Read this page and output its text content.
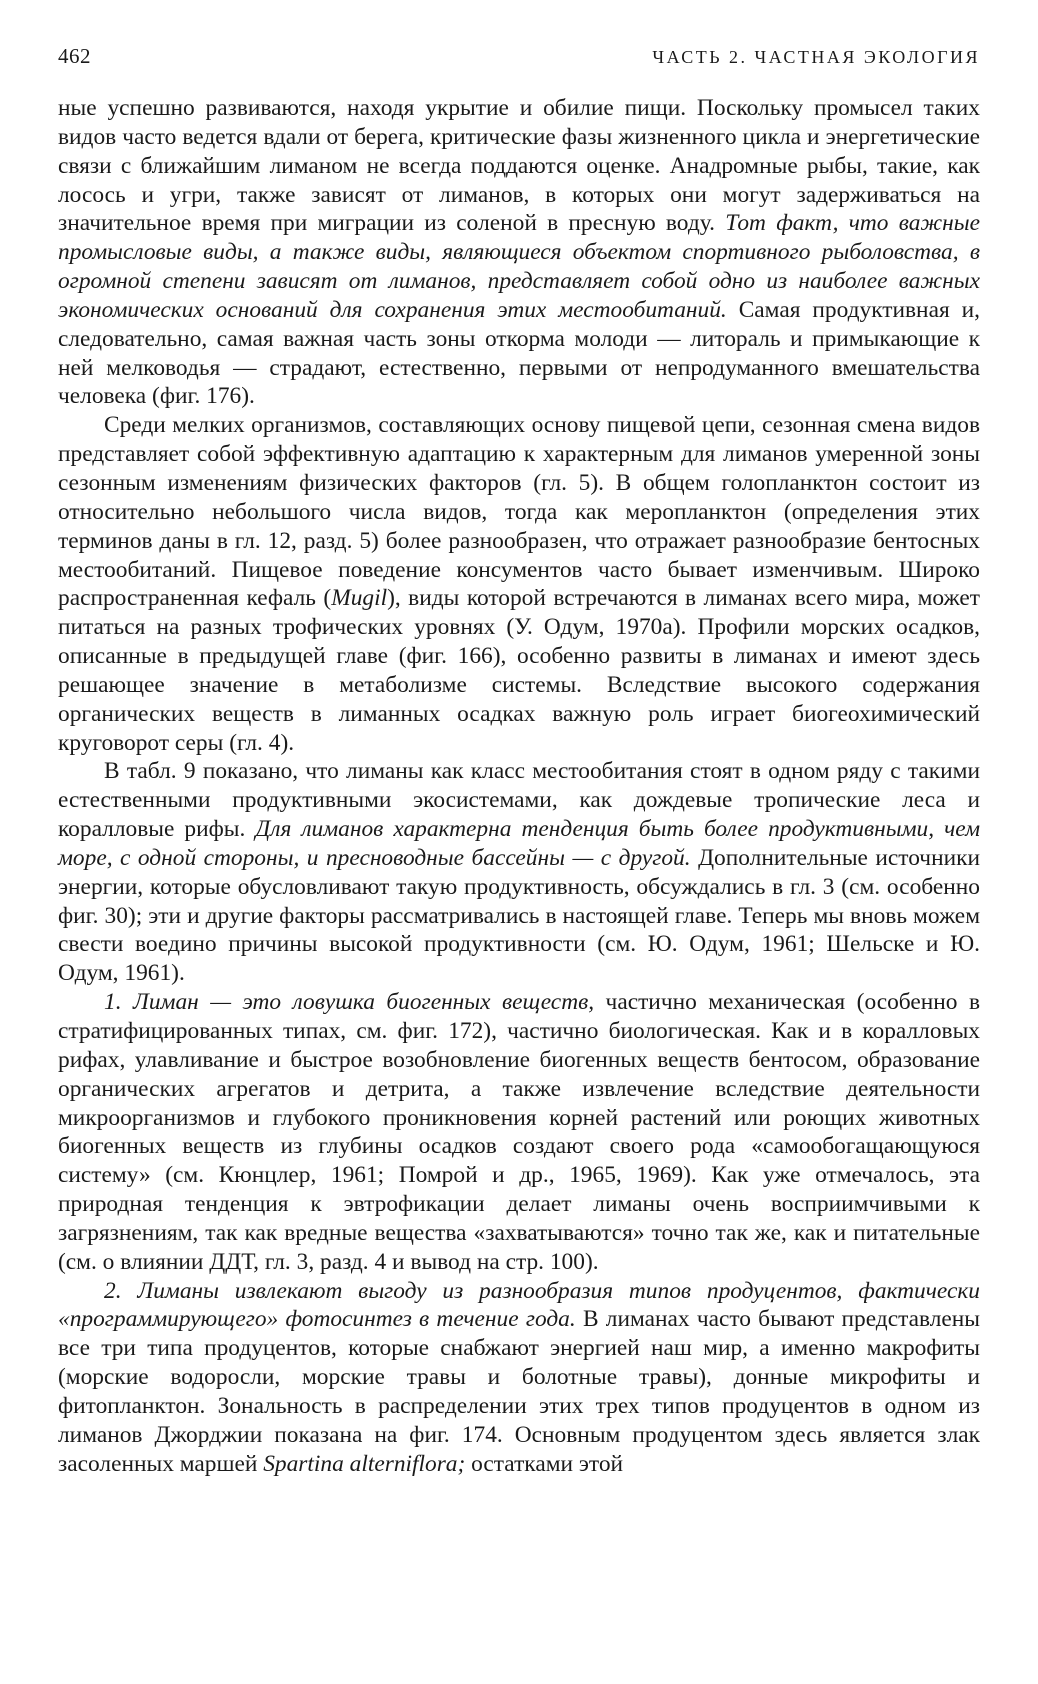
462	ЧАСТЬ 2. ЧАСТНАЯ ЭКОЛОГИЯ

ные успешно развиваются, находя укрытие и обилие пищи. Поскольку промысел таких видов часто ведется вдали от берега, критические фазы жизненного цикла и энергетические связи с ближайшим лиманом не всегда поддаются оценке. Анадромные рыбы, такие, как лосось и угри, также зависят от лиманов, в которых они могут задерживаться на значительное время при миграции из соленой в пресную воду. Тот факт, что важные промысловые виды, а также виды, являющиеся объектом спортивного рыболовства, в огромной степени зависят от лиманов, представляет собой одно из наиболее важных экономических оснований для сохранения этих местообитаний. Самая продуктивная и, следовательно, самая важная часть зоны откорма молоди — литораль и примыкающие к ней мелководья — страдают, естественно, первыми от непродуманного вмешательства человека (фиг. 176).

Среди мелких организмов, составляющих основу пищевой цепи, сезонная смена видов представляет собой эффективную адаптацию к характерным для лиманов умеренной зоны сезонным изменениям физических факторов (гл. 5). В общем голопланктон состоит из относительно небольшого числа видов, тогда как меропланктон (определения этих терминов даны в гл. 12, разд. 5) более разнообразен, что отражает разнообразие бентосных местообитаний. Пищевое поведение консументов часто бывает изменчивым. Широко распространенная кефаль (Mugil), виды которой встречаются в лиманах всего мира, может питаться на разных трофических уровнях (У. Одум, 1970а). Профили морских осадков, описанные в предыдущей главе (фиг. 166), особенно развиты в лиманах и имеют здесь решающее значение в метаболизме системы. Вследствие высокого содержания органических веществ в лиманных осадках важную роль играет биогеохимический круговорот серы (гл. 4).

В табл. 9 показано, что лиманы как класс местообитания стоят в одном ряду с такими естественными продуктивными экосистемами, как дождевые тропические леса и коралловые рифы. Для лиманов характерна тенденция быть более продуктивными, чем море, с одной стороны, и пресноводные бассейны — с другой. Дополнительные источники энергии, которые обусловливают такую продуктивность, обсуждались в гл. 3 (см. особенно фиг. 30); эти и другие факторы рассматривались в настоящей главе. Теперь мы вновь можем свести воедино причины высокой продуктивности (см. Ю. Одум, 1961; Шельске и Ю. Одум, 1961).

1. Лиман — это ловушка биогенных веществ, частично механическая (особенно в стратифицированных типах, см. фиг. 172), частично биологическая. Как и в коралловых рифах, улавливание и быстрое возобновление биогенных веществ бентосом, образование органических агрегатов и детрита, а также извлечение вследствие деятельности микроорганизмов и глубокого проникновения корней растений или роющих животных биогенных веществ из глубины осадков создают своего рода «самообогащающуюся систему» (см. Кюнцлер, 1961; Помрой и др., 1965, 1969). Как уже отмечалось, эта природная тенденция к эвтрофикации делает лиманы очень восприимчивыми к загрязнениям, так как вредные вещества «захватываются» точно так же, как и питательные (см. о влиянии ДДТ, гл. 3, разд. 4 и вывод на стр. 100).

2. Лиманы извлекают выгоду из разнообразия типов продуцентов, фактически «программирующего» фотосинтез в течение года. В лиманах часто бывают представлены все три типа продуцентов, которые снабжают энергией наш мир, а именно макрофиты (морские водоросли, морские травы и болотные травы), донные микрофиты и фитопланктон. Зональность в распределении этих трех типов продуцентов в одном из лиманов Джорджии показана на фиг. 174. Основным продуцентом здесь является злак засоленных маршей Spartina alterniflora; остатками этой
